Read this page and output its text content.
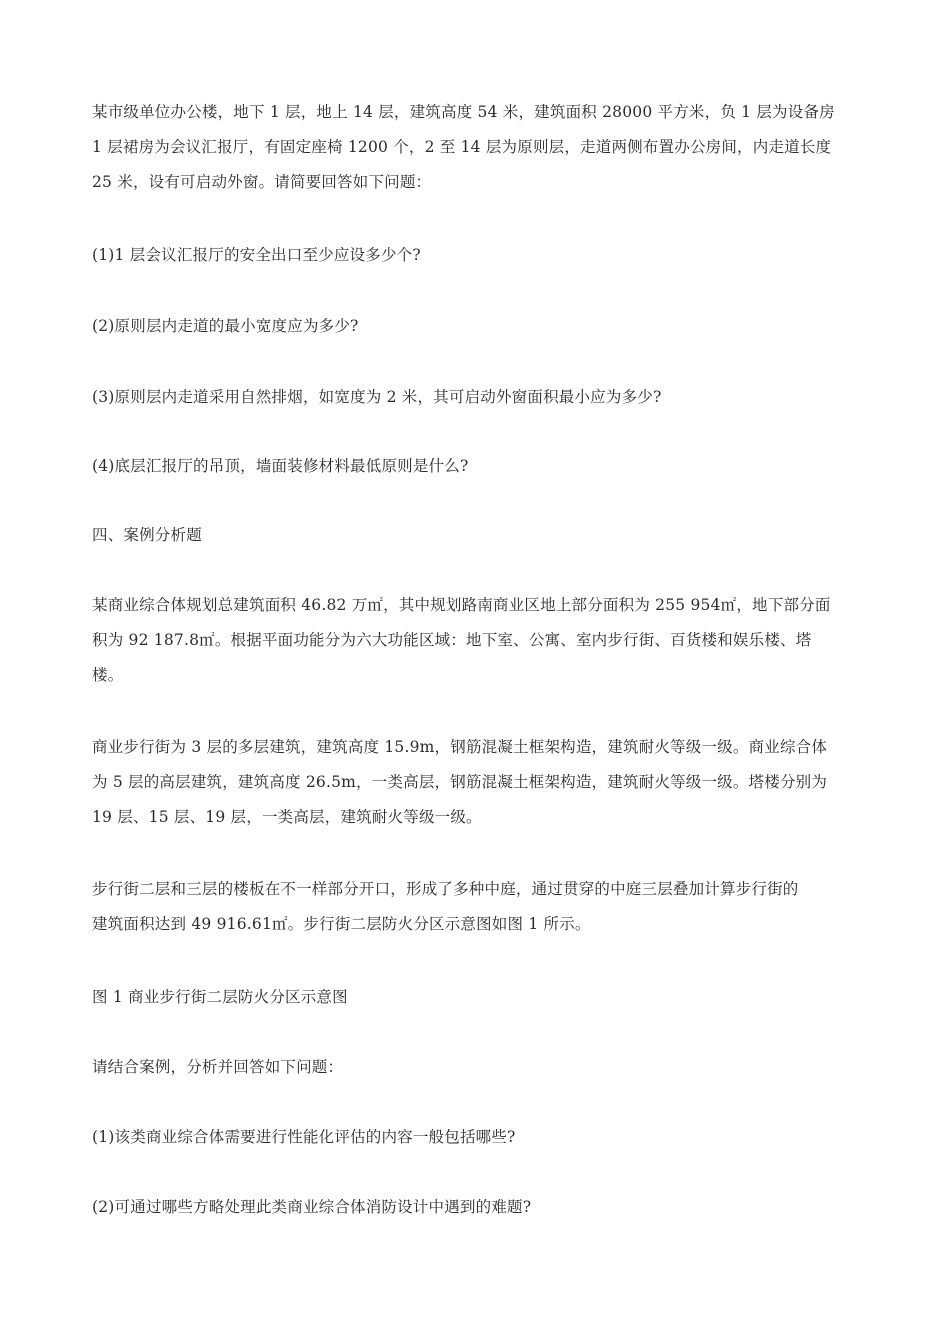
某市级单位办公楼，地下 1 层，地上 14 层，建筑高度 54 米，建筑面积 28000 平方米，负 1 层为设备房
1 层裙房为会议汇报厅，有固定座椅 1200 个，2 至 14 层为原则层，走道两侧布置办公房间，内走道长度
25 米，设有可启动外窗。请简要回答如下问题：
(1)1 层会议汇报厅的安全出口至少应设多少个?
(2)原则层内走道的最小宽度应为多少?
(3)原则层内走道采用自然排烟，如宽度为 2 米，其可启动外窗面积最小应为多少?
(4)底层汇报厅的吊顶，墙面装修材料最低原则是什么?
四、案例分析题
某商业综合体规划总建筑面积 46.82 万㎡，其中规划路南商业区地上部分面积为 255 954㎡，地下部分面
积为 92 187.8㎡。根据平面功能分为六大功能区域：地下室、公寓、室内步行街、百货楼和娱乐楼、塔
楼。
商业步行街为 3 层的多层建筑，建筑高度 15.9m，钢筋混凝土框架构造，建筑耐火等级一级。商业综合体
为 5 层的高层建筑，建筑高度 26.5m，一类高层，钢筋混凝土框架构造，建筑耐火等级一级。塔楼分别为
19 层、15 层、19 层，一类高层，建筑耐火等级一级。
步行街二层和三层的楼板在不一样部分开口，形成了多种中庭，通过贯穿的中庭三层叠加计算步行街的
建筑面积达到 49 916.61㎡。步行街二层防火分区示意图如图 1 所示。
图 1 商业步行街二层防火分区示意图
请结合案例，分析并回答如下问题：
(1)该类商业综合体需要进行性能化评估的内容一般包括哪些?
(2)可通过哪些方略处理此类商业综合体消防设计中遇到的难题?
